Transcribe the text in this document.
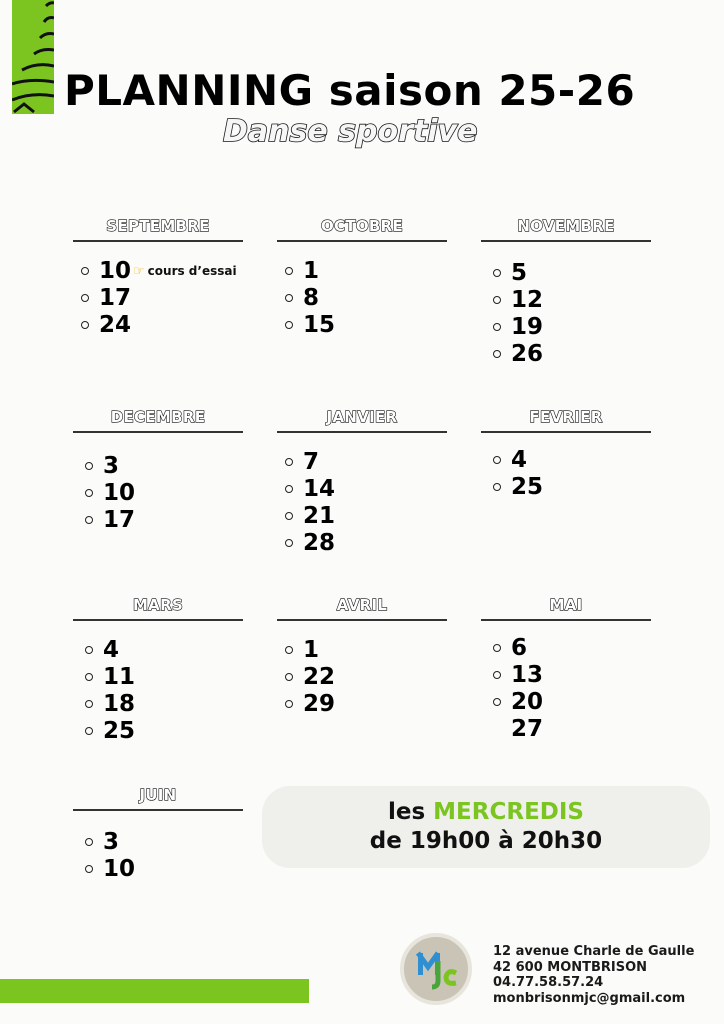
PLANNING saison 25-26
Danse sportive
SEPTEMBRE
10 ☞ cours d’essai
17
24
OCTOBRE
1
8
15
NOVEMBRE
5
12
19
26
DECEMBRE
3
10
17
JANVIER
7
14
21
28
FEVRIER
4
25
MARS
4
11
18
25
AVRIL
1
22
29
MAI
6
13
20
27
JUIN
3
10
les MERCREDIS
de 19h00 à 20h30
12 avenue Charle de Gaulle
42 600 MONTBRISON
04.77.58.57.24
monbrisonmjc@gmail.com
